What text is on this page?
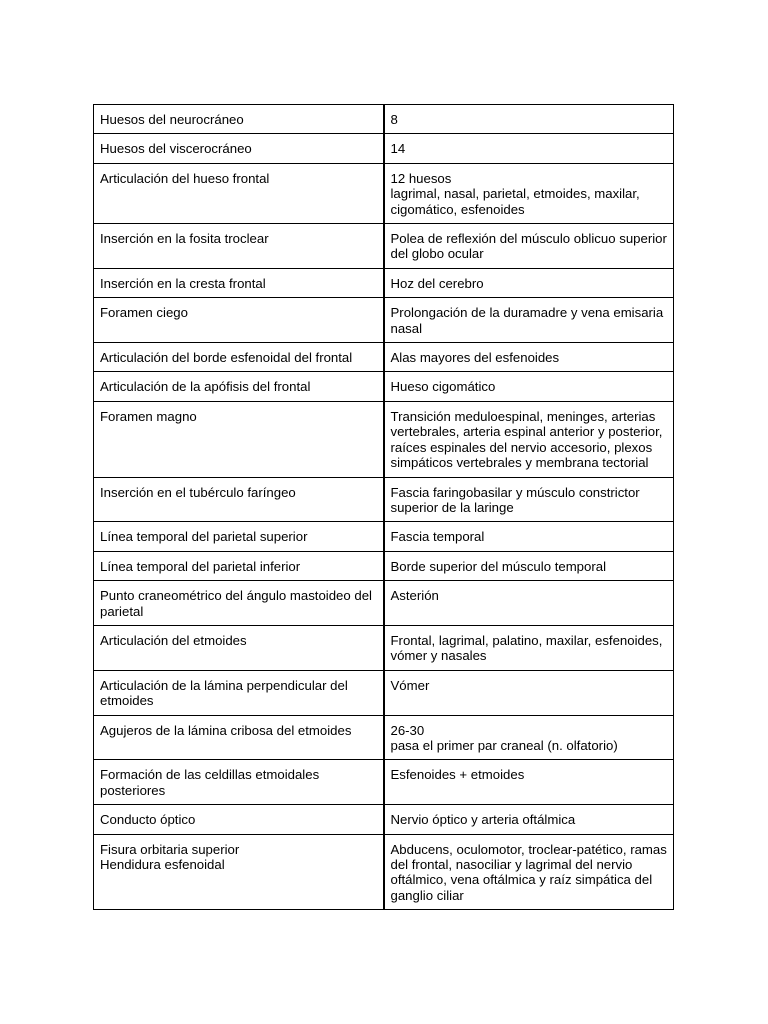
Huesos del neurocráneo	8
Huesos del viscerocráneo	14
Articulación del hueso frontal	12 huesos
lagrimal, nasal, parietal, etmoides, maxilar, cigomático, esfenoides
Inserción en la fosita troclear	Polea de reflexión del músculo oblicuo superior del globo ocular
Inserción en la cresta frontal	Hoz del cerebro
Foramen ciego	Prolongación de la duramadre y vena emisaria nasal
Articulación del borde esfenoidal del frontal	Alas mayores del esfenoides
Articulación de la apófisis del frontal	Hueso cigomático
Foramen magno	Transición meduloespinal, meninges, arterias vertebrales, arteria espinal anterior y posterior, raíces espinales del nervio accesorio, plexos simpáticos vertebrales y membrana tectorial
Inserción en el tubérculo faríngeo	Fascia faringobasilar y músculo constrictor superior de la laringe
Línea temporal del parietal superior	Fascia temporal
Línea temporal del parietal inferior	Borde superior del músculo temporal
Punto craneométrico del ángulo mastoideo del parietal	Asterión
Articulación del etmoides	Frontal, lagrimal, palatino, maxilar, esfenoides, vómer y nasales
Articulación de la lámina perpendicular del etmoides	Vómer
Agujeros de la lámina cribosa del etmoides	26-30
pasa el primer par craneal (n. olfatorio)
Formación de las celdillas etmoidales posteriores	Esfenoides + etmoides
Conducto óptico	Nervio óptico y arteria oftálmica
Fisura orbitaria superior
Hendidura esfenoidal	Abducens, oculomotor, troclear-patético, ramas del frontal, nasociliar y lagrimal del nervio oftálmico, vena oftálmica y raíz simpática del ganglio ciliar
